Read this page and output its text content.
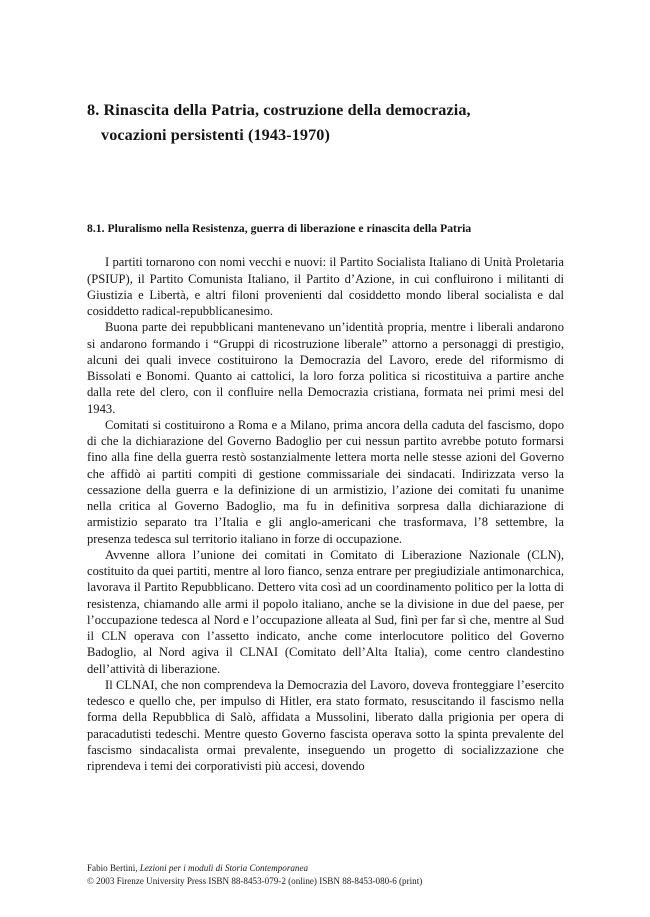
8. Rinascita della Patria, costruzione della democrazia,
vocazioni persistenti (1943-1970)
8.1. Pluralismo nella Resistenza, guerra di liberazione e rinascita della Patria

I partiti tornarono con nomi vecchi e nuovi: il Partito Socialista Italiano di Unità Proletaria (PSIUP), il Partito Comunista Italiano, il Partito d’Azione, in cui confluirono i militanti di Giustizia e Libertà, e altri filoni provenienti dal cosiddetto mondo liberal socialista e dal cosiddetto radical-repubblicanesimo.

Buona parte dei repubblicani mantenevano un’identità propria, mentre i liberali andarono si andarono formando i “Gruppi di ricostruzione liberale” attorno a personaggi di prestigio, alcuni dei quali invece costituirono la Democrazia del Lavoro, erede del riformismo di Bissolati e Bonomi. Quanto ai cattolici, la loro forza politica si ricostituiva a partire anche dalla rete del clero, con il confluire nella Democrazia cristiana, formata nei primi mesi del 1943.

Comitati si costituirono a Roma e a Milano, prima ancora della caduta del fascismo, dopo di che la dichiarazione del Governo Badoglio per cui nessun partito avrebbe potuto formarsi fino alla fine della guerra restò sostanzialmente lettera morta nelle stesse azioni del Governo che affidò ai partiti compiti di gestione commissariale dei sindacati. Indirizzata verso la cessazione della guerra e la definizione di un armistizio, l’azione dei comitati fu unanime nella critica al Governo Badoglio, ma fu in definitiva sorpresa dalla dichiarazione di armistizio separato tra l’Italia e gli anglo-americani che trasformava, l’8 settembre, la presenza tedesca sul territorio italiano in forze di occupazione.

Avvenne allora l’unione dei comitati in Comitato di Liberazione Nazionale (CLN), costituito da quei partiti, mentre al loro fianco, senza entrare per pregiudiziale antimonarchica, lavorava il Partito Repubblicano. Dettero vita così ad un coordinamento politico per la lotta di resistenza, chiamando alle armi il popolo italiano, anche se la divisione in due del paese, per l’occupazione tedesca al Nord e l’occupazione alleata al Sud, finì per far sì che, mentre al Sud il CLN operava con l’assetto indicato, anche come interlocutore politico del Governo Badoglio, al Nord agiva il CLNAI (Comitato dell’Alta Italia), come centro clandestino dell’attività di liberazione.

Il CLNAI, che non comprendeva la Democrazia del Lavoro, doveva fronteggiare l’esercito tedesco e quello che, per impulso di Hitler, era stato formato, resuscitando il fascismo nella forma della Repubblica di Salò, affidata a Mussolini, liberato dalla prigionia per opera di paracadutisti tedeschi. Mentre questo Governo fascista operava sotto la spinta prevalente del fascismo sindacalista ormai prevalente, inseguendo un progetto di socializzazione che riprendeva i temi dei corporativisti più accesi, dovendo

Fabio Bertini, Lezioni per i moduli di Storia Contemporanea
© 2003 Firenze University Press ISBN 88-8453-079-2 (online) ISBN 88-8453-080-6 (print)
